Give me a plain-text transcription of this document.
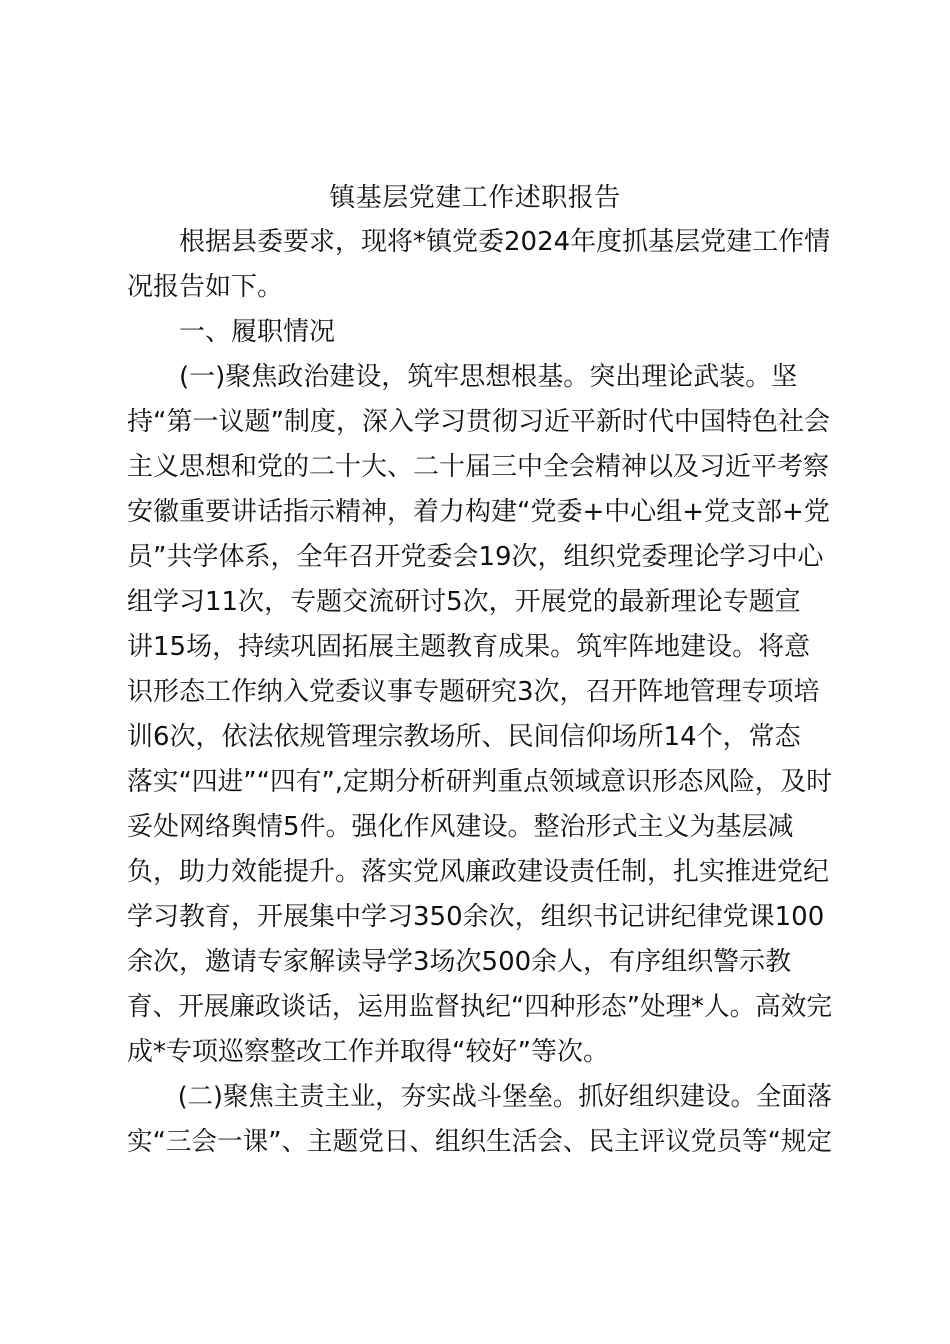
镇基层党建工作述职报告
　　根据县委要求，现将*镇党委2024年度抓基层党建工作情
况报告如下。
　　一、履职情况
　　(一)聚焦政治建设，筑牢思想根基。突出理论武装。坚
持“第一议题”制度，深入学习贯彻习近平新时代中国特色社会
主义思想和党的二十大、二十届三中全会精神以及习近平考察
安徽重要讲话指示精神，着力构建“党委+中心组+党支部+党
员”共学体系，全年召开党委会19次，组织党委理论学习中心
组学习11次，专题交流研讨5次，开展党的最新理论专题宣
讲15场，持续巩固拓展主题教育成果。筑牢阵地建设。将意
识形态工作纳入党委议事专题研究3次，召开阵地管理专项培
训6次，依法依规管理宗教场所、民间信仰场所14个，常态
落实“四进”“四有”,定期分析研判重点领域意识形态风险，及时
妥处网络舆情5件。强化作风建设。整治形式主义为基层减
负，助力效能提升。落实党风廉政建设责任制，扎实推进党纪
学习教育，开展集中学习350余次，组织书记讲纪律党课100
余次，邀请专家解读导学3场次500余人，有序组织警示教
育、开展廉政谈话，运用监督执纪“四种形态”处理*人。高效完
成*专项巡察整改工作并取得“较好”等次。
　　(二)聚焦主责主业，夯实战斗堡垒。抓好组织建设。全面落
实“三会一课”、主题党日、组织生活会、民主评议党员等“规定
